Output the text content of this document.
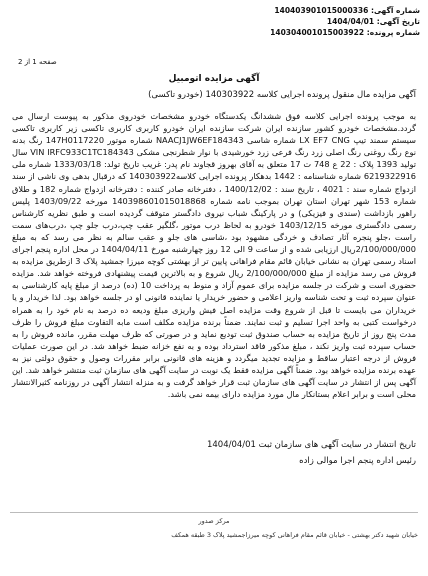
شماره آگهی: 140403901015000336
تاریخ آگهی: 1404/04/01
شماره پرونده: 140304001015003922
صفحه 1 از 2
آگهی مزایده اتومبیل
آگهی مزایده مال منقول پرونده اجرایی کلاسه 140303922 (خودرو تاکسی)

به موجب پرونده اجرایی کلاسه فوق ششدانگ یکدستگاه خودرو مشخصات خودروی مذکور به پیوست ارسال می گردد.مشخصات خودرو کشور سازنده ایران شرکت سازنده ایران خودرو کاربری کاربری تاکسی زیر کاربری تاکسی سیستم سمند تیپ LX EF7 CNG شماره شاسی NAACJ1JW6EF184343 شماره موتور 147H0117220 رنگ بدنه نوع رنگ روغنی رنگ اصلی زرد رنگ فرعی زرد خورشیدی با نوار شطرنجی مشکی VIN IRFC933C1TC184343 سال تولید 1393 پلاک : 22 ع 748 ت 17 متعلق به آقای بهروز قجاوند نام پدر: غریب تاریخ تولد: 1333/03/18 شماره ملی 6219322916 شماره شناسنامه : 1442 بدهکار پرونده اجرایی کلاسه140303922 که درقبال بدهی وی ناشی از سند ازدواج شماره سند : 4021 ، تاریخ سند : 1400/12/02 ، دفترخانه صادر کننده : دفترخانه ازدواج شماره 182 و طلاق شماره 153 شهر تهران استان تهران بموجب نامه شماره 140398601015018868 مورخه 1403/09/22 پلیس راهور بازداشت (سندی و فیزیکی) و در پارکینگ شباب نیروی دادگستر متوقف گردیده است و طبق نظریه کارشناس رسمی دادگستری مورخه 1403/12/15 خودرو به لحاظ درب موتور ،گلگیر عقب چپ،درب جلو چپ ،درب‌های سمت راست ،جلو پنجره آثار تصادف و خردگی مشهود بود ،شاسی های جلو و عقب سالم به نظر می رسد که به مبلغ 2/100/000/000ریال ارزیابی شده و از ساعت 9 الی 12 روز چهارشنبه مورخ 1404/04/11 در محل اداره پنجم اجرای اسناد رسمی تهران به نشانی خیابان قائم مقام فراهانی پایین تر از بهشتی کوچه میرزا جمشید پلاک 3 ازطریق مزایده به فروش می رسد مزایده از مبلغ 2/100/000/000 ریال شروع و به بالاترین قیمت پیشنهادی فروخته خواهد شد. مزایده حضوری است و شرکت در جلسه مزایده برای عموم آزاد و منوط به پرداخت 10 (ده) درصد از مبلغ پایه کارشناسی به عنوان سپرده ثبت و تحت شناسه واریز اعلامی و حضور خریدار یا نماینده قانونی او در جلسه خواهد بود. لذا خریدار و یا خریداران می بایست تا قبل از شروع وقت مزایده اصل فیش واریزی مبلغ ودیعه ده درصد به نام خود را به همراه درخواست کتبی به واحد اجرا تسلیم و ثبت نمایند. ضمناً برنده مزایده مکلف است مابه التفاوت مبلغ فروش را ظرف مدت پنج روز از تاریخ مزایده به حساب صندوق ثبت تودیع نماید و در صورتی که ظرف مهلت مقرر، مانده فروش را به حساب سپرده ثبت واریز نکند ، مبلغ مذکور فاقد استرداد بوده و به نفع خزانه ضبط خواهد شد. در این صورت عملیات فروش از درجه اعتبار ساقط و مزایده تجدید میگردد و هزینه های قانونی برابر مقررات وصول و حقوق دولتی نیز به عهده برنده مزایده خواهد بود. ضمناً آگهی مزایده فقط یک نوبت در سایت آگهی های سازمان ثبت منتشر خواهد شد. این آگهی پس از انتشار در سایت آگهی های سازمان ثبت قرار خواهد گرفت و به منزله انتشار آگهی در روزنامه کثیرالانتشار محلی است و برابر اعلام بستانکار مال مورد مزایده دارای بیمه نمی باشد.

تاریخ انتشار در سایت آگهی های سازمان ثبت 1404/04/01
رئیس اداره پنجم اجرا موالی زاده
مرکز صدور
خیابان شهید دکتر بهشتی - خیابان قائم مقام فراهانی کوچه میرزاجمشید پلاک 3 طبقه همکف
